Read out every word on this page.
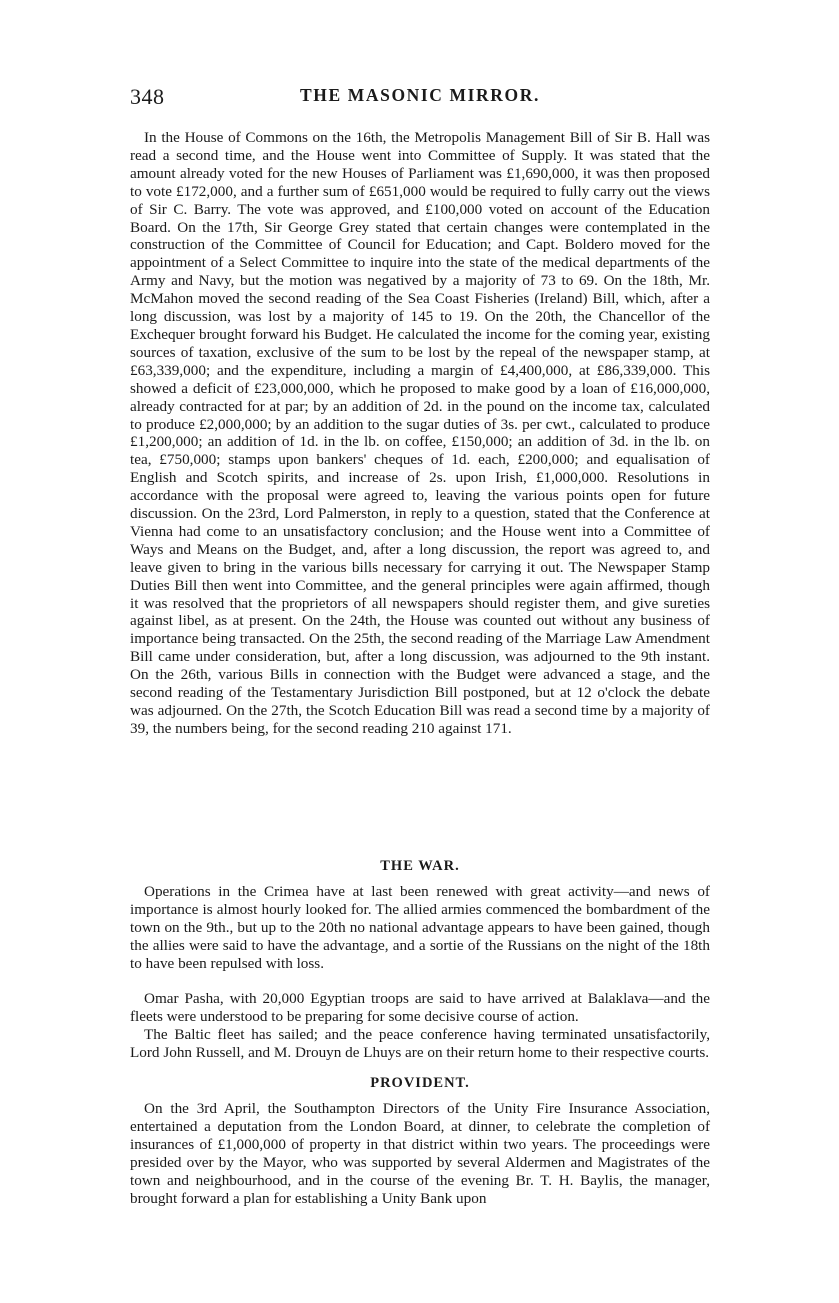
348	THE MASONIC MIRROR.

In the House of Commons on the 16th, the Metropolis Management Bill of Sir B. Hall was read a second time, and the House went into Committee of Supply. It was stated that the amount already voted for the new Houses of Parliament was £1,690,000, it was then proposed to vote £172,000, and a further sum of £651,000 would be required to fully carry out the views of Sir C. Barry. The vote was approved, and £100,000 voted on account of the Education Board. On the 17th, Sir George Grey stated that certain changes were contemplated in the construction of the Committee of Council for Education; and Capt. Boldero moved for the appointment of a Select Committee to inquire into the state of the medical departments of the Army and Navy, but the motion was negatived by a majority of 73 to 69. On the 18th, Mr. McMahon moved the second reading of the Sea Coast Fisheries (Ireland) Bill, which, after a long discussion, was lost by a majority of 145 to 19. On the 20th, the Chancellor of the Exchequer brought forward his Budget. He calculated the income for the coming year, existing sources of taxation, exclusive of the sum to be lost by the repeal of the newspaper stamp, at £63,339,000; and the expenditure, including a margin of £4,400,000, at £86,339,000. This showed a deficit of £23,000,000, which he proposed to make good by a loan of £16,000,000, already contracted for at par; by an addition of 2d. in the pound on the income tax, calculated to produce £2,000,000; by an addition to the sugar duties of 3s. per cwt., calculated to produce £1,200,000; an addition of 1d. in the lb. on coffee, £150,000; an addition of 3d. in the lb. on tea, £750,000; stamps upon bankers' cheques of 1d. each, £200,000; and equalisation of English and Scotch spirits, and increase of 2s. upon Irish, £1,000,000. Resolutions in accordance with the proposal were agreed to, leaving the various points open for future discussion. On the 23rd, Lord Palmerston, in reply to a question, stated that the Conference at Vienna had come to an unsatisfactory conclusion; and the House went into a Committee of Ways and Means on the Budget, and, after a long discussion, the report was agreed to, and leave given to bring in the various bills necessary for carrying it out. The Newspaper Stamp Duties Bill then went into Committee, and the general principles were again affirmed, though it was resolved that the proprietors of all newspapers should register them, and give sureties against libel, as at present. On the 24th, the House was counted out without any business of importance being transacted. On the 25th, the second reading of the Marriage Law Amendment Bill came under consideration, but, after a long discussion, was adjourned to the 9th instant. On the 26th, various Bills in connection with the Budget were advanced a stage, and the second reading of the Testamentary Jurisdiction Bill postponed, but at 12 o'clock the debate was adjourned. On the 27th, the Scotch Education Bill was read a second time by a majority of 39, the numbers being, for the second reading 210 against 171.

THE WAR.

Operations in the Crimea have at last been renewed with great activity—and news of importance is almost hourly looked for. The allied armies commenced the bombardment of the town on the 9th., but up to the 20th no national advantage appears to have been gained, though the allies were said to have the advantage, and a sortie of the Russians on the night of the 18th to have been repulsed with loss.

Omar Pasha, with 20,000 Egyptian troops are said to have arrived at Balaklava—and the fleets were understood to be preparing for some decisive course of action.

The Baltic fleet has sailed; and the peace conference having terminated unsatisfactorily, Lord John Russell, and M. Drouyn de Lhuys are on their return home to their respective courts.

PROVIDENT.

On the 3rd April, the Southampton Directors of the Unity Fire Insurance Association, entertained a deputation from the London Board, at dinner, to celebrate the completion of insurances of £1,000,000 of property in that district within two years. The proceedings were presided over by the Mayor, who was supported by several Aldermen and Magistrates of the town and neighbourhood, and in the course of the evening Br. T. H. Baylis, the manager, brought forward a plan for establishing a Unity Bank upon
